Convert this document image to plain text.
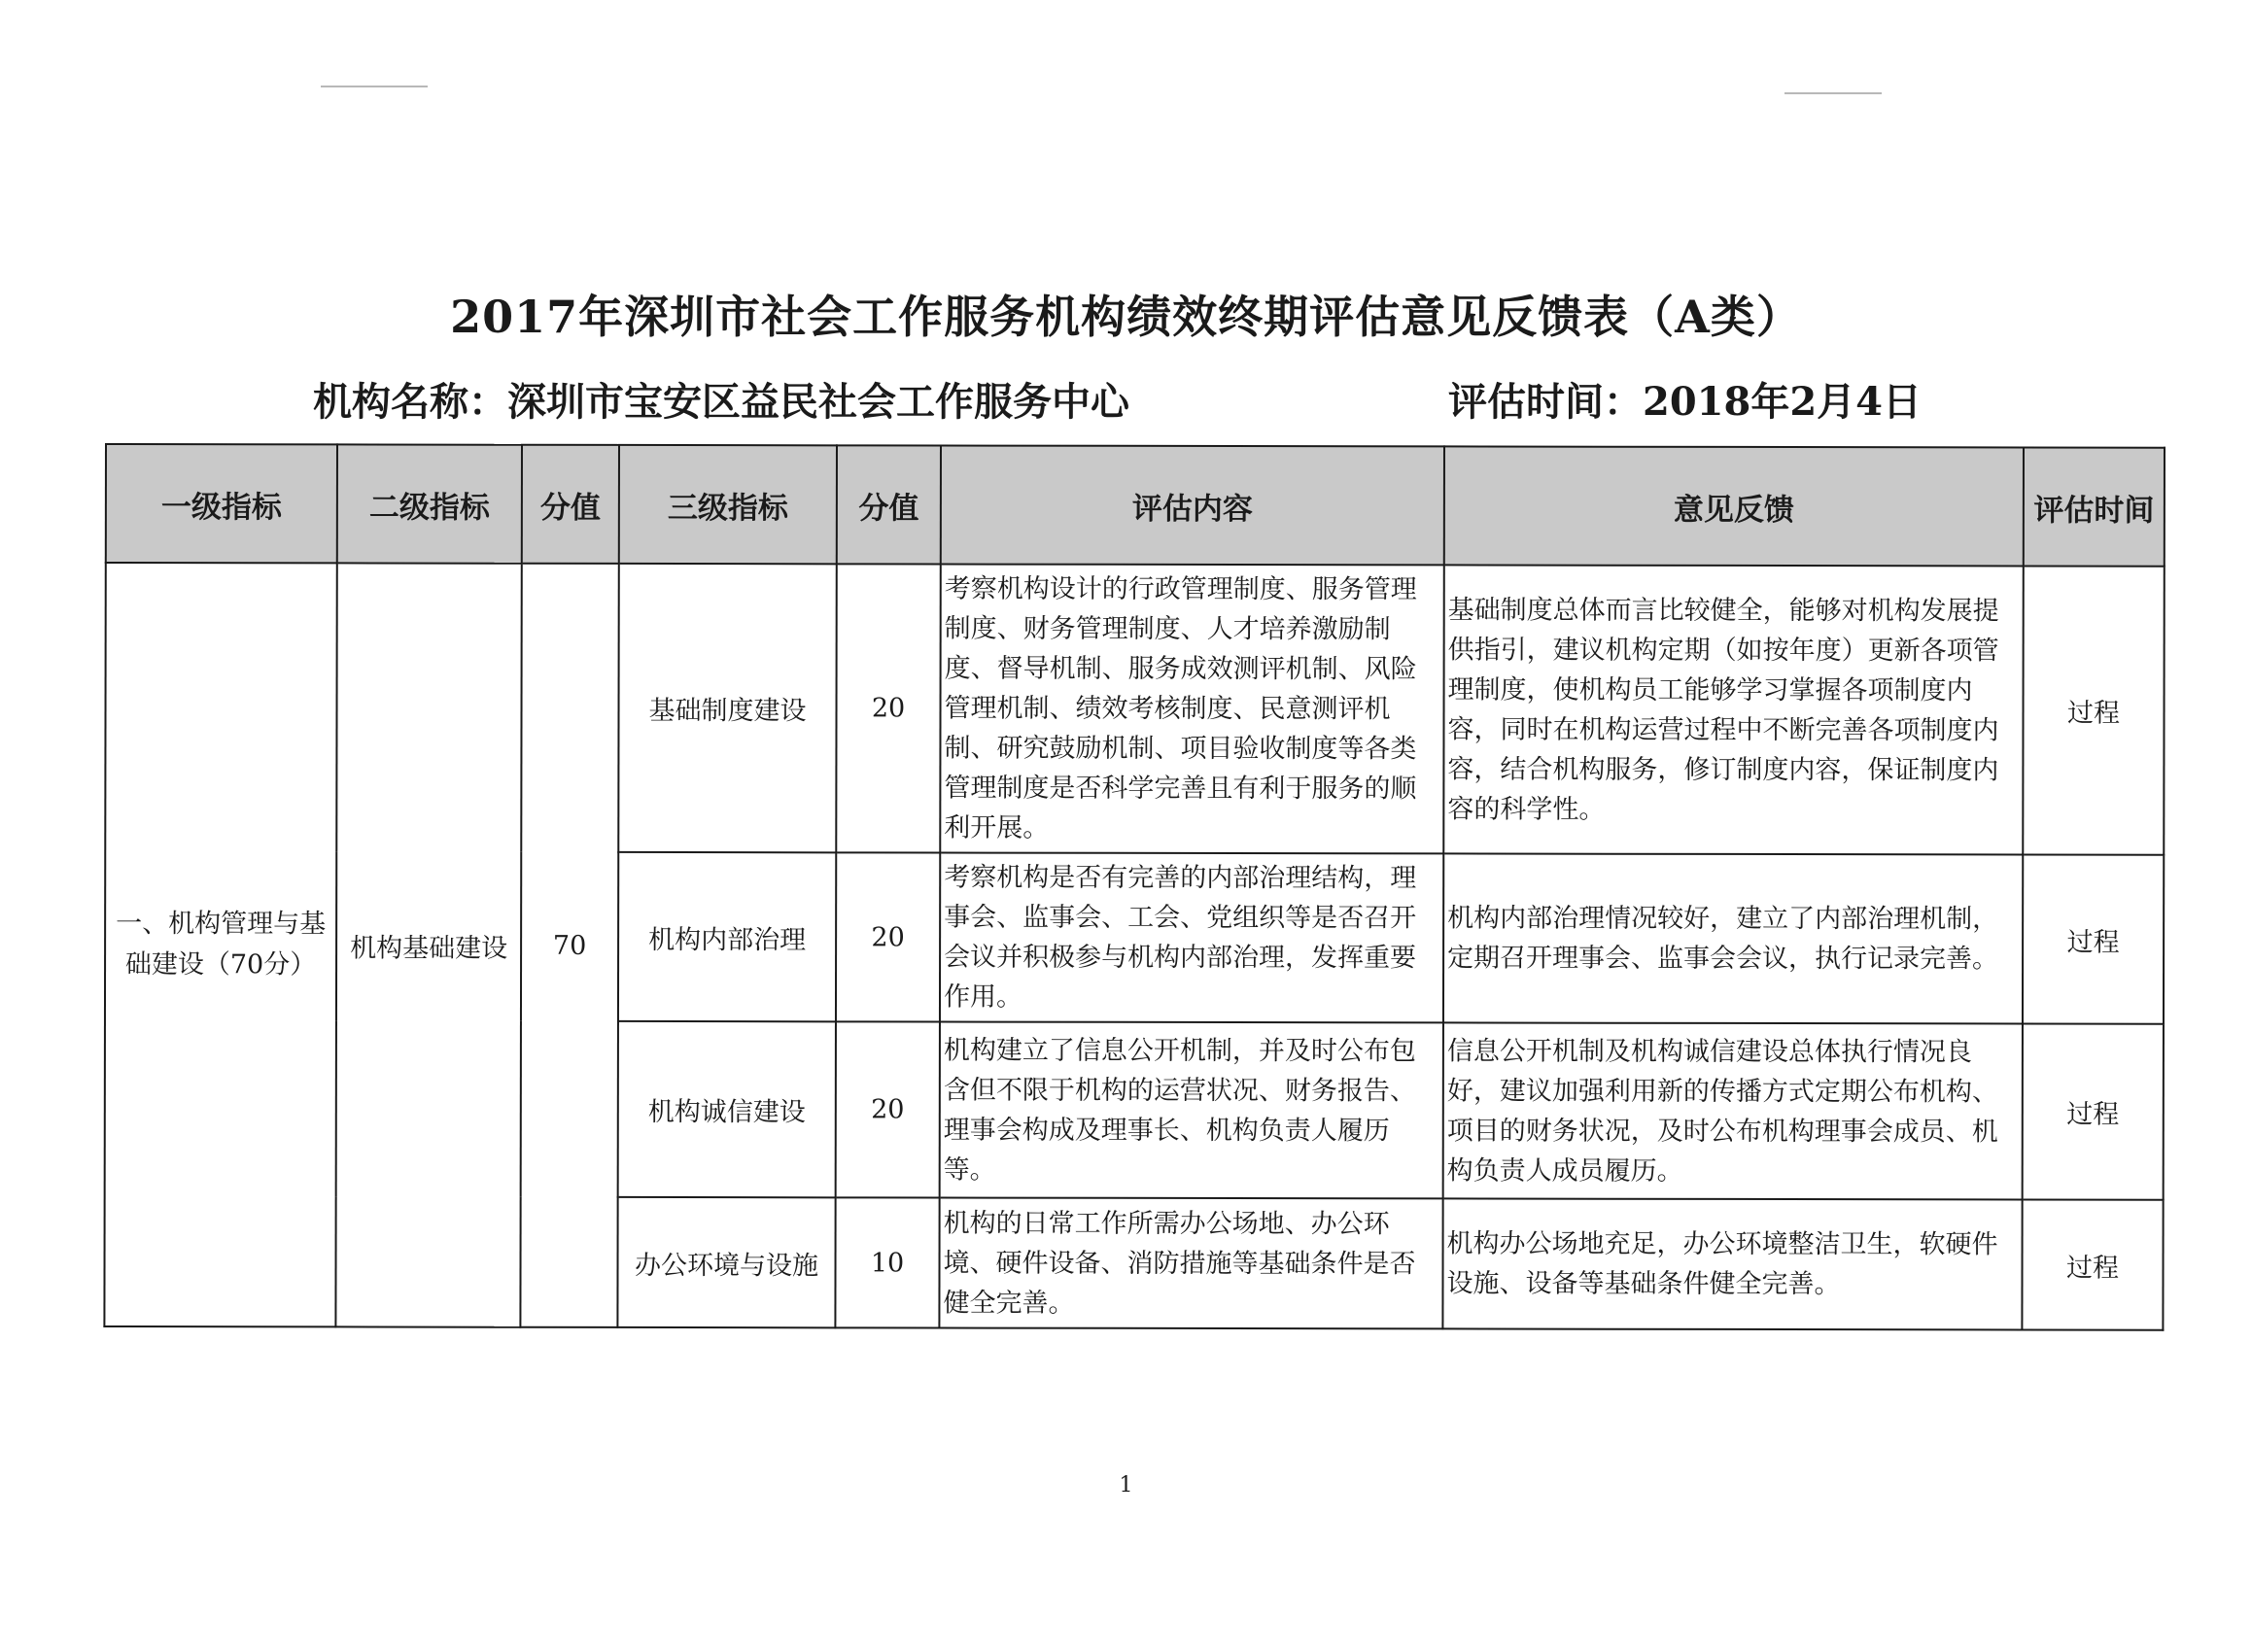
2017年深圳市社会工作服务机构绩效终期评估意见反馈表（A类）
机构名称：深圳市宝安区益民社会工作服务中心	评估时间：2018年2月4日
一级指标	二级指标	分值	三级指标	分值	评估内容	意见反馈	评估时间
一、机构管理与基础建设（70分）	机构基础建设	70	基础制度建设	20	考察机构设计的行政管理制度、服务管理制度、财务管理制度、人才培养激励制度、督导机制、服务成效测评机制、风险管理机制、绩效考核制度、民意测评机制、研究鼓励机制、项目验收制度等各类管理制度是否科学完善且有利于服务的顺利开展。	基础制度总体而言比较健全，能够对机构发展提供指引，建议机构定期（如按年度）更新各项管理制度，使机构员工能够学习掌握各项制度内容，同时在机构运营过程中不断完善各项制度内容，结合机构服务，修订制度内容，保证制度内容的科学性。	过程
			机构内部治理	20	考察机构是否有完善的内部治理结构，理事会、监事会、工会、党组织等是否召开会议并积极参与机构内部治理，发挥重要作用。	机构内部治理情况较好，建立了内部治理机制，定期召开理事会、监事会会议，执行记录完善。	过程
			机构诚信建设	20	机构建立了信息公开机制，并及时公布包含但不限于机构的运营状况、财务报告、理事会构成及理事长、机构负责人履历等。	信息公开机制及机构诚信建设总体执行情况良好，建议加强利用新的传播方式定期公布机构、项目的财务状况，及时公布机构理事会成员、机构负责人成员履历。	过程
			办公环境与设施	10	机构的日常工作所需办公场地、办公环境、硬件设备、消防措施等基础条件是否健全完善。	机构办公场地充足，办公环境整洁卫生，软硬件设施、设备等基础条件健全完善。	过程
1
